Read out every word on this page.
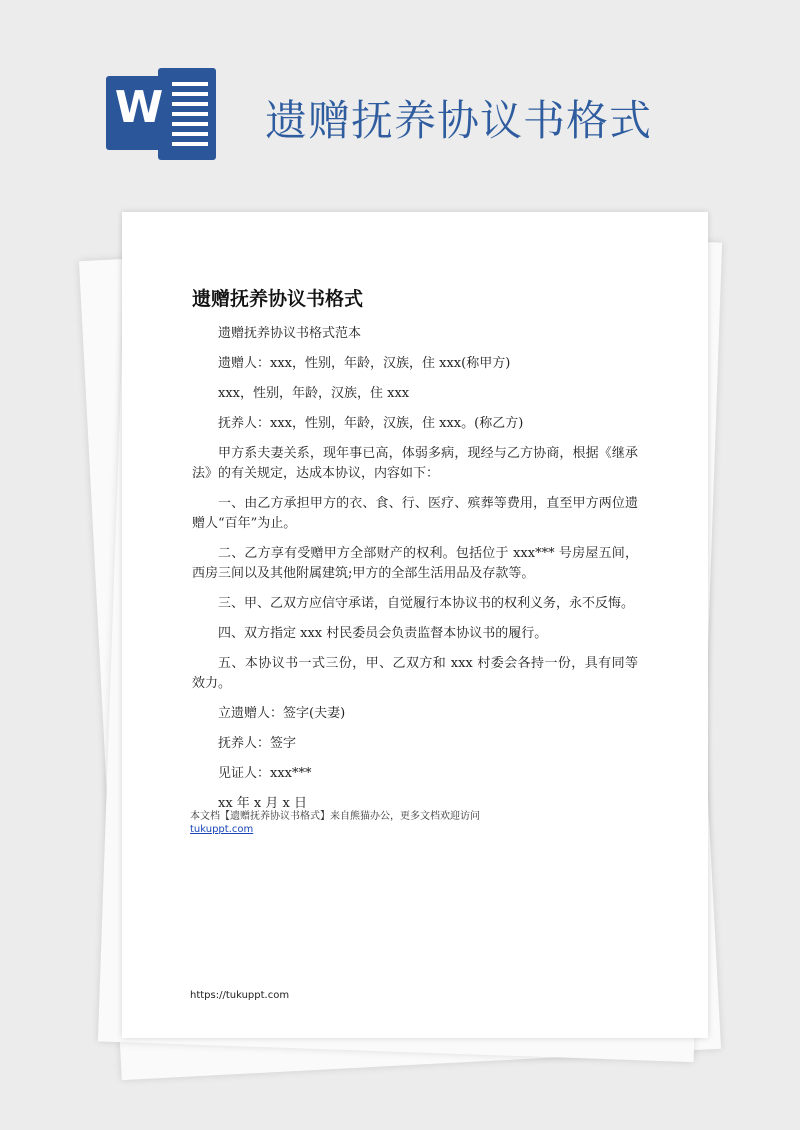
W 遗赠抚养协议书格式
遗赠抚养协议书格式

遗赠抚养协议书格式范本

遗赠人：xxx，性别，年龄，汉族，住 xxx(称甲方)

xxx，性别，年龄，汉族，住 xxx

抚养人：xxx，性别，年龄，汉族，住 xxx。(称乙方)

甲方系夫妻关系，现年事已高，体弱多病，现经与乙方协商，根据《继承法》的有关规定，达成本协议，内容如下：

一、由乙方承担甲方的衣、食、行、医疗、殡葬等费用，直至甲方两位遗赠人“百年”为止。

二、乙方享有受赠甲方全部财产的权利。包括位于 xxx*** 号房屋五间，西房三间以及其他附属建筑;甲方的全部生活用品及存款等。

三、甲、乙双方应信守承诺，自觉履行本协议书的权利义务，永不反悔。

四、双方指定 xxx 村民委员会负责监督本协议书的履行。

五、本协议书一式三份，甲、乙双方和 xxx 村委会各持一份，具有同等效力。

立遗赠人：签字(夫妻)

抚养人：签字

见证人：xxx***

xx 年 x 月 x 日

本文档【遗赠抚养协议书格式】来自熊猫办公，更多文档欢迎访问
tukuppt.com
https://tukuppt.com
